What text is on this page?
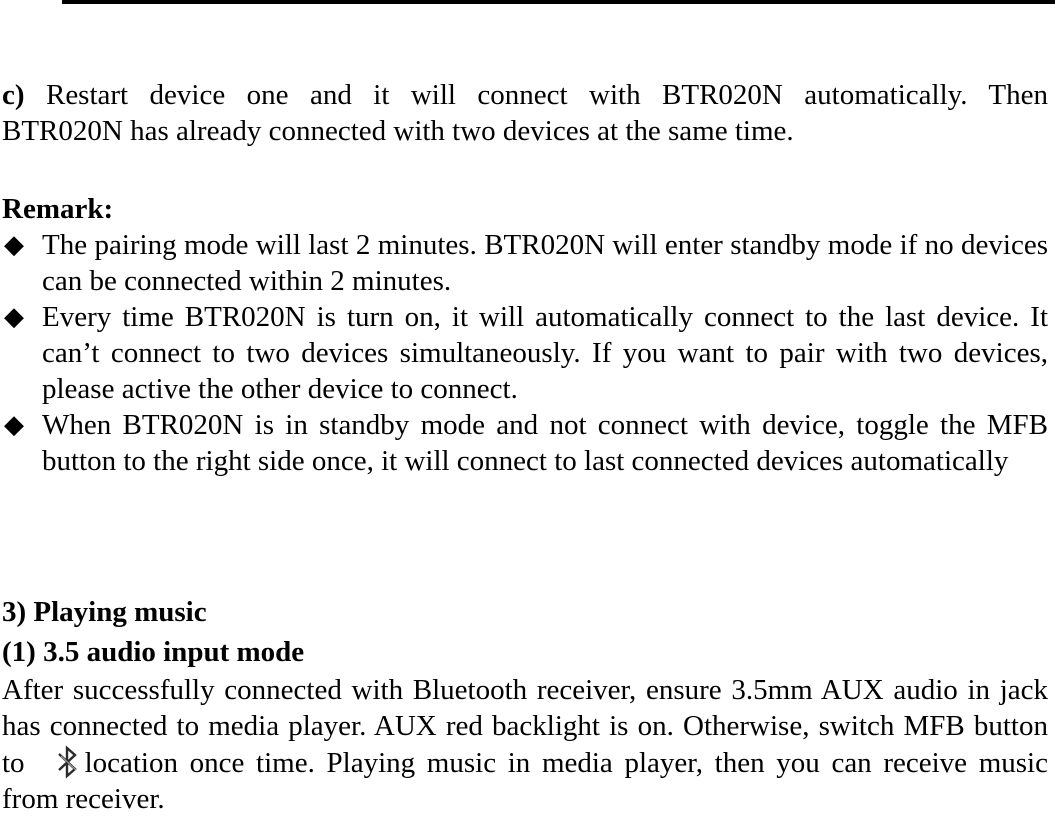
c) Restart device one and it will connect with BTR020N automatically. Then
BTR020N has already connected with two devices at the same time.
Remark:
◆ The pairing mode will last 2 minutes. BTR020N will enter standby mode if no devices can be connected within 2 minutes.
◆ Every time BTR020N is turn on, it will automatically connect to the last device. It can’t connect to two devices simultaneously. If you want to pair with two devices, please active the other device to connect.
◆ When BTR020N is in standby mode and not connect with device, toggle the MFB button to the right side once, it will connect to last connected devices automatically
3) Playing music
(1) 3.5 audio input mode
After successfully connected with Bluetooth receiver, ensure 3.5mm AUX audio in jack has connected to media player. AUX red backlight is on. Otherwise, switch MFB button to location once time. Playing music in media player, then you can receive music from receiver.
